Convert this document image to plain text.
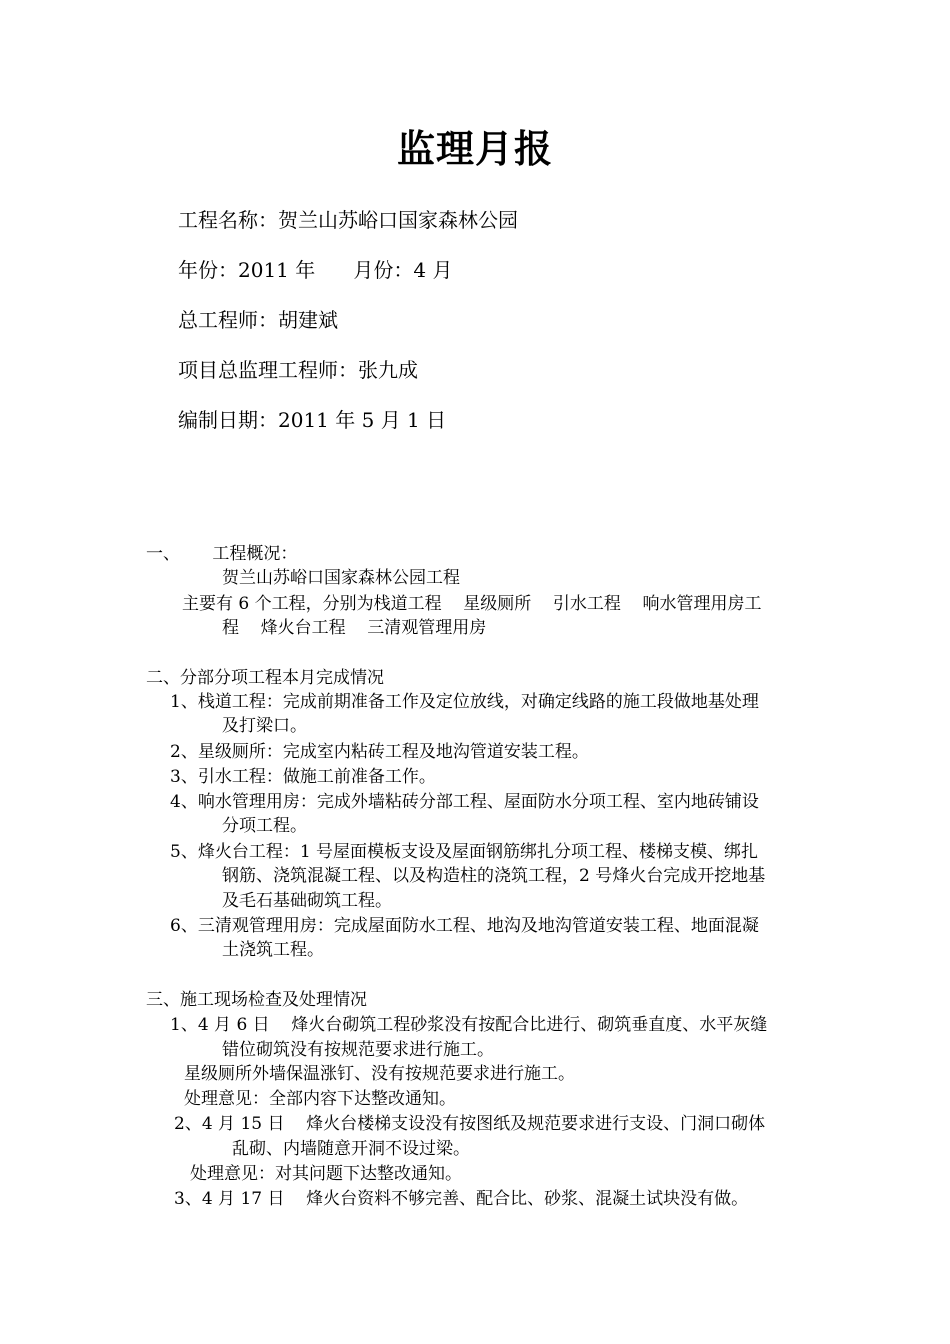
监理月报
工程名称：贺兰山苏峪口国家森林公园
年份：2011 年      月份：4 月
总工程师：胡建斌
项目总监理工程师：张九成
编制日期：2011 年 5 月 1 日
一、      工程概况：
贺兰山苏峪口国家森林公园工程
主要有 6 个工程，分别为栈道工程    星级厕所    引水工程    响水管理用房工
程    烽火台工程    三清观管理用房
二、分部分项工程本月完成情况
1、栈道工程：完成前期准备工作及定位放线，对确定线路的施工段做地基处理
及打梁口。
2、星级厕所：完成室内粘砖工程及地沟管道安装工程。
3、引水工程：做施工前准备工作。
4、响水管理用房：完成外墙粘砖分部工程、屋面防水分项工程、室内地砖铺设
分项工程。
5、烽火台工程：1 号屋面模板支设及屋面钢筋绑扎分项工程、楼梯支模、绑扎
钢筋、浇筑混凝工程、以及构造柱的浇筑工程，2 号烽火台完成开挖地基
及毛石基础砌筑工程。
6、三清观管理用房：完成屋面防水工程、地沟及地沟管道安装工程、地面混凝
土浇筑工程。
三、施工现场检查及处理情况
1、4 月 6 日    烽火台砌筑工程砂浆没有按配合比进行、砌筑垂直度、水平灰缝
错位砌筑没有按规范要求进行施工。
星级厕所外墙保温涨钉、没有按规范要求进行施工。
处理意见：全部内容下达整改通知。
2、4 月 15 日    烽火台楼梯支设没有按图纸及规范要求进行支设、门洞口砌体
乱砌、内墙随意开洞不设过梁。
处理意见：对其问题下达整改通知。
3、4 月 17 日    烽火台资料不够完善、配合比、砂浆、混凝土试块没有做。
